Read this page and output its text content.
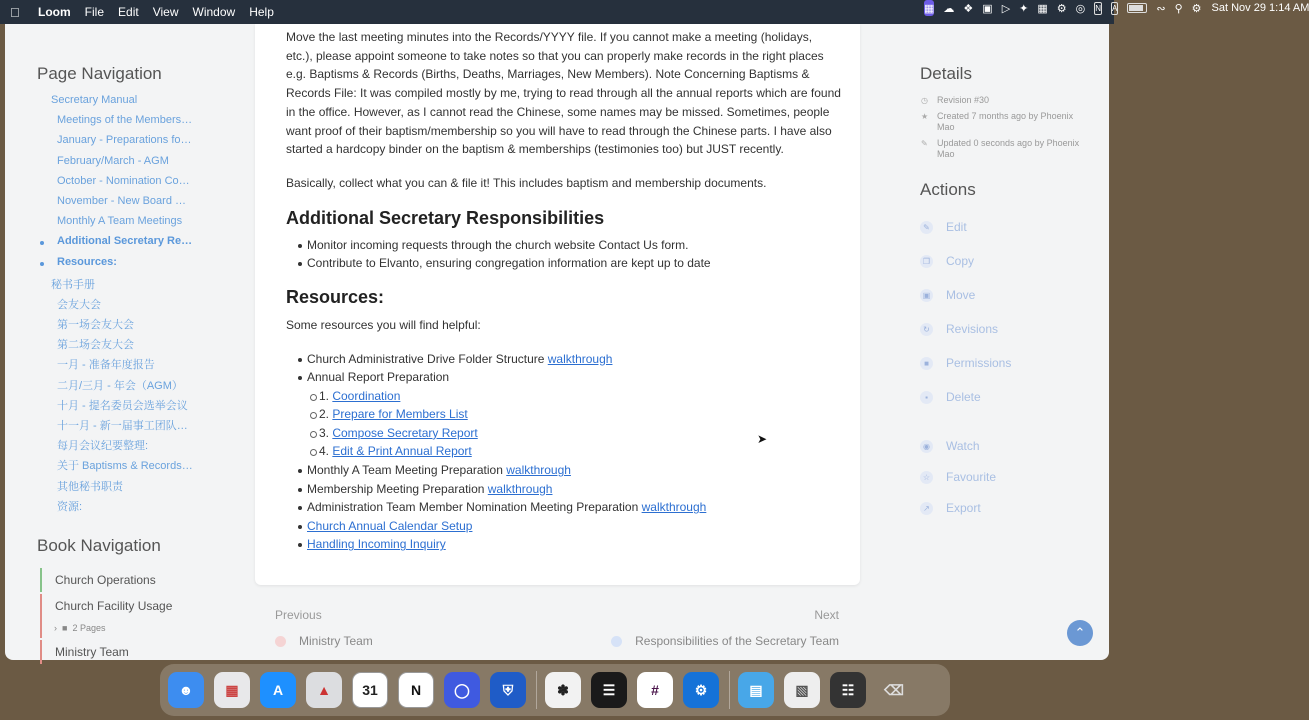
Loom File Edit View Window Help	▦ ☁ ❖ ▣ ▷ ✦ ▦ ⚙ ◎ N A	∾ ⚲ ⚙ Sat Nov 29 1:14 AM
Page Navigation
Secretary Manual
Meetings of the Members…
January - Preparations fo…
February/March - AGM
October - Nomination Co…
November - New Board …
Monthly A Team Meetings
Additional Secretary Re…
Resources:
秘书手册
会友大会
第一场会友大会
第二场会友大会
一月 - 准备年度报告
二月/三月 - 年会（AGM）
十月 - 提名委员会选举会议
十一月 - 新一届事工团队…
每月会议纪要整理:
关于 Baptisms & Records…
其他秘书职责
资源:
Book Navigation
Church Operations
Church Facility Usage
› ■ 2 Pages
Ministry Team

Move the last meeting minutes into the Records/YYYY file. If you cannot make a meeting (holidays, etc.), please appoint someone to take notes so that you can properly make records in the right places e.g. Baptisms & Records (Births, Deaths, Marriages, New Members). Note Concerning Baptisms & Records File: It was compiled mostly by me, trying to read through all the annual reports which are found in the office. However, as I cannot read the Chinese, some names may be missed. Sometimes, people want proof of their baptism/membership so you will have to read through the Chinese parts. I have also started a hardcopy binder on the baptism & memberships (testimonies too) but JUST recently.

Basically, collect what you can & file it! This includes baptism and membership documents.

Additional Secretary Responsibilities
Monitor incoming requests through the church website Contact Us form.
Contribute to Elvanto, ensuring congregation information are kept up to date
Resources:

Some resources you will find helpful:

Church Administrative Drive Folder Structure walkthrough
Annual Report Preparation
1. Coordination
2. Prepare for Members List
3. Compose Secretary Report
4. Edit & Print Annual Report
Monthly A Team Meeting Preparation walkthrough
Membership Meeting Preparation walkthrough
Administration Team Member Nomination Meeting Preparation walkthrough
Church Annual Calendar Setup
Handling Incoming Inquiry
Previous	Next
Ministry Team	Responsibilities of the Secretary Team
Details
◷ Revision #30
★ Created 7 months ago by Phoenix Mao
✎ Updated 0 seconds ago by Phoenix Mao
Actions
✎ Edit
❐ Copy
▣ Move
↻ Revisions
■	Permissions
▪	Delete
◉ Watch
☆ Favourite
↗ Export
⌃
➤
☻	▦	A	▲	31	N	◯	⛨	✽	☰	#	⚙	▤	▧	☷	⌫
